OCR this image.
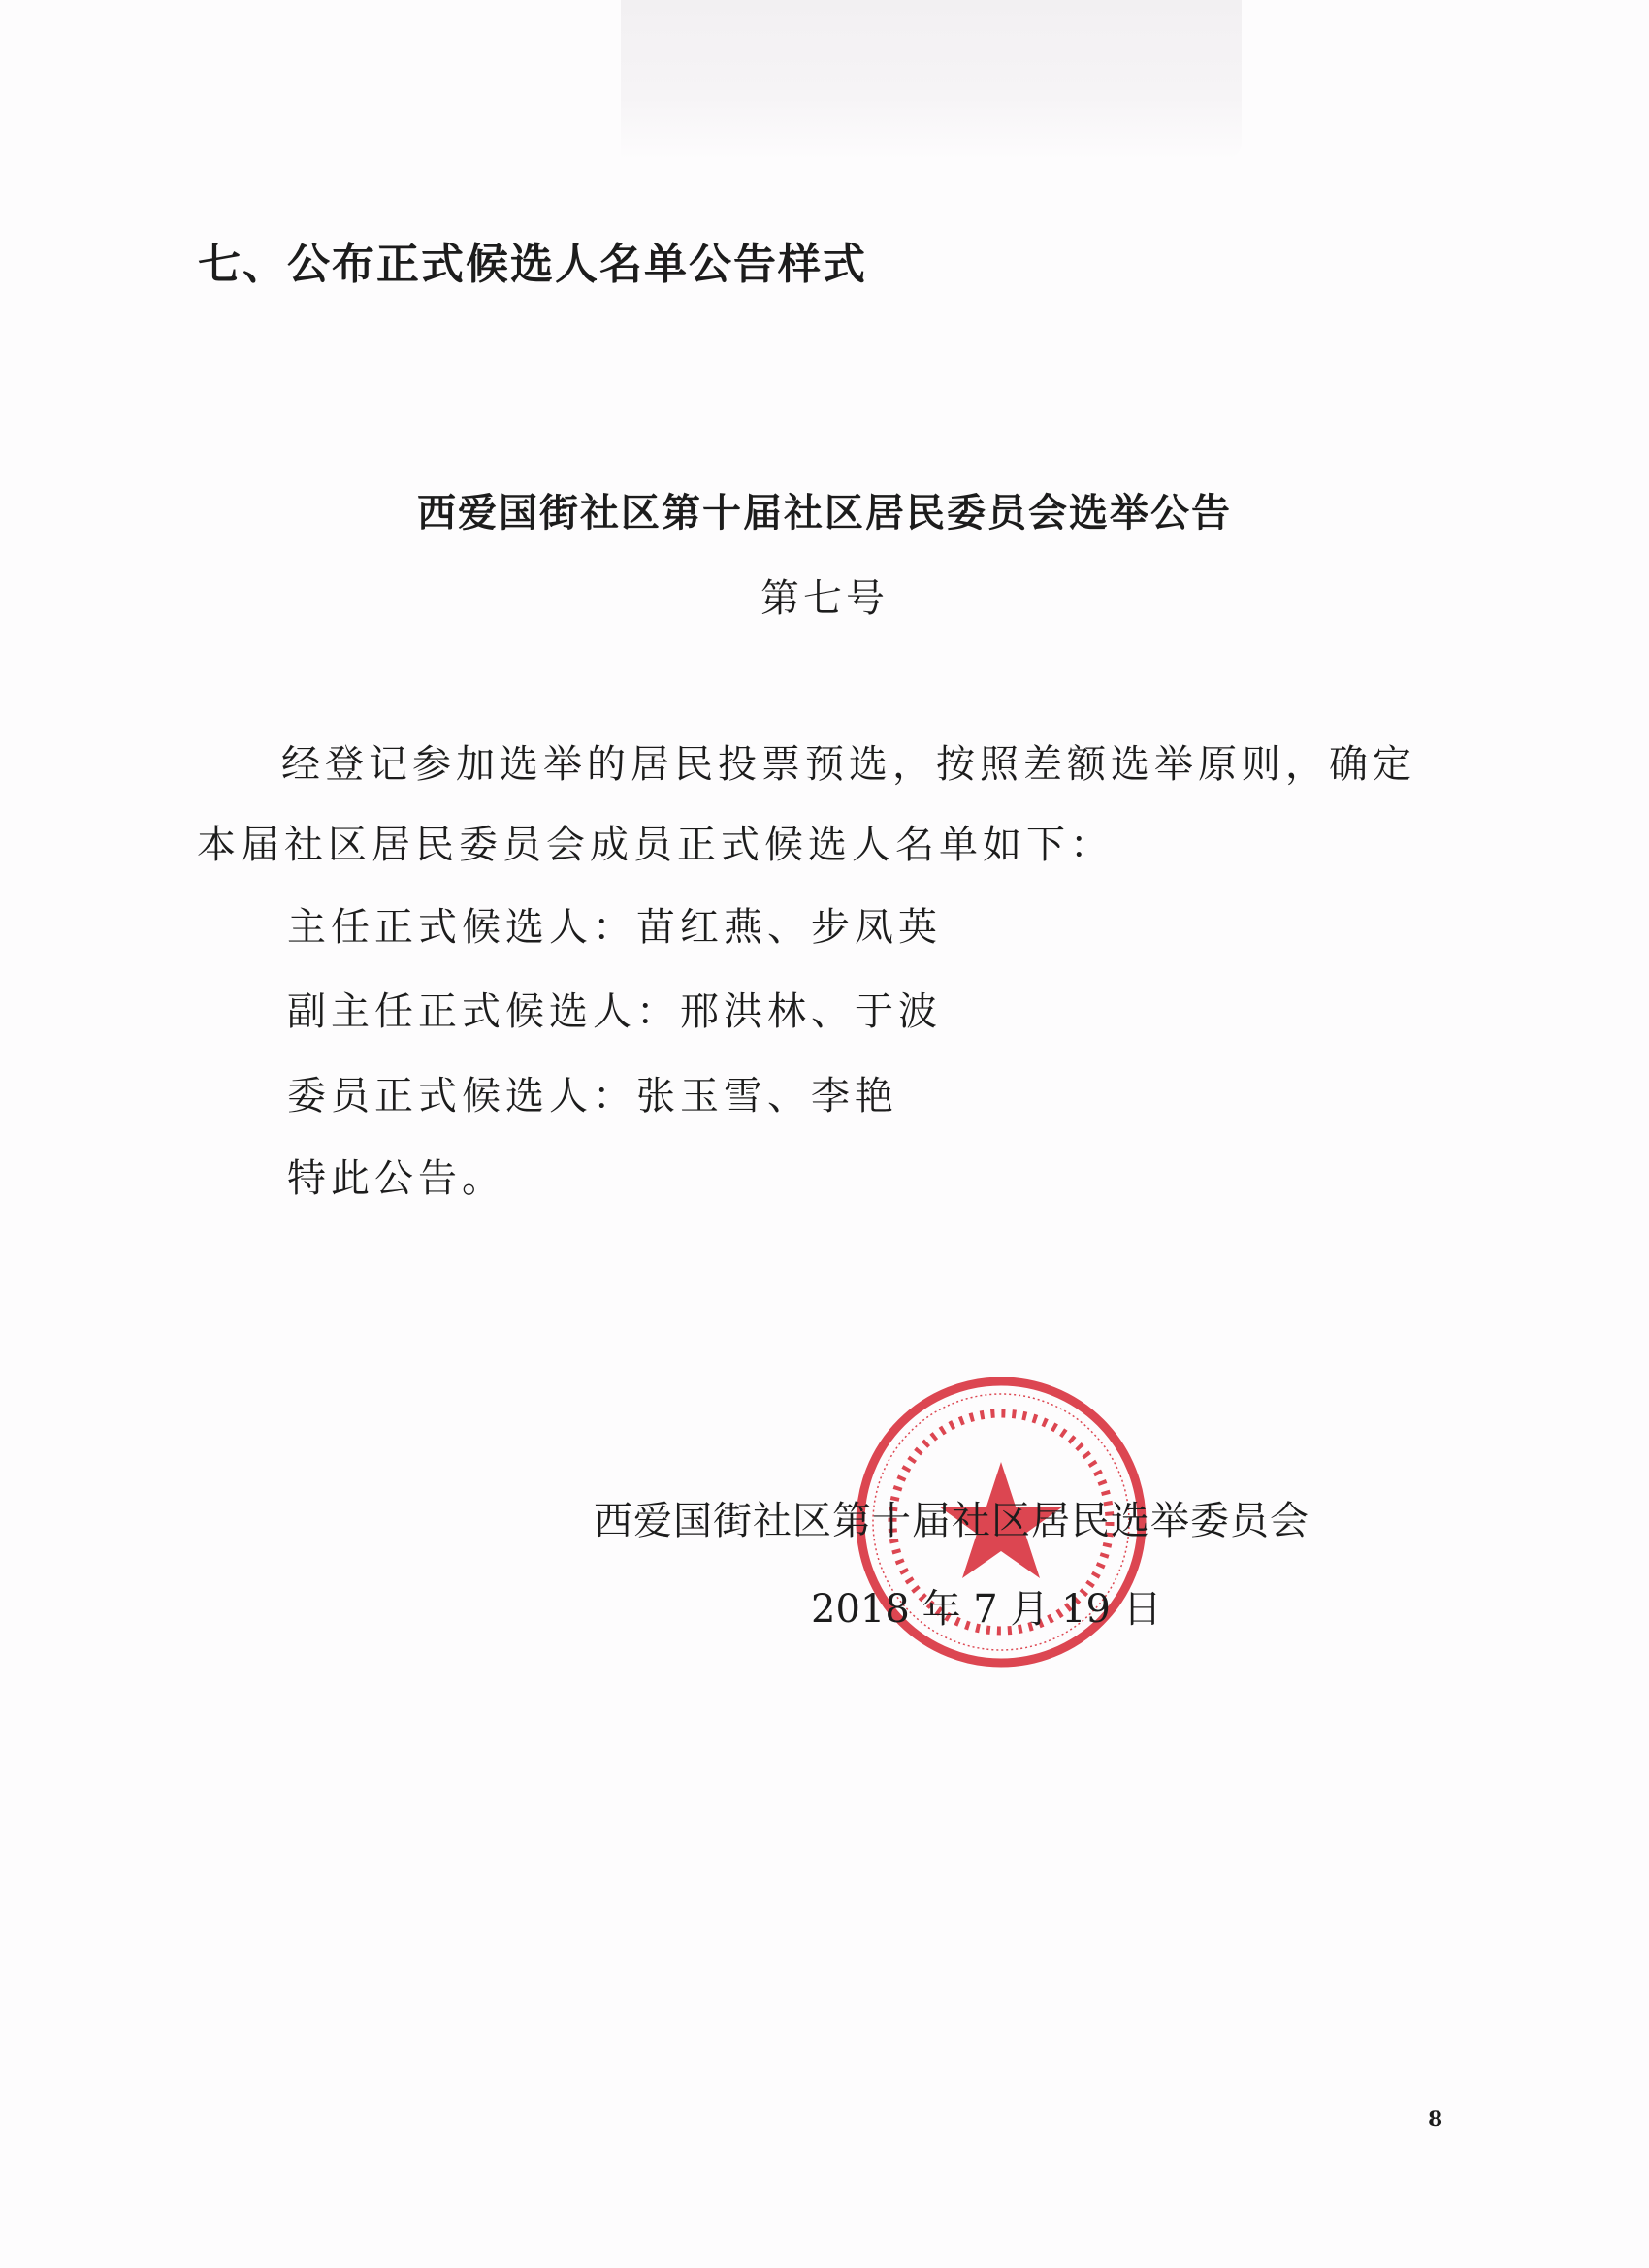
七、公布正式候选人名单公告样式
西爱国街社区第十届社区居民委员会选举公告
第七号
经登记参加选举的居民投票预选，按照差额选举原则，确定
本届社区居民委员会成员正式候选人名单如下：
主任正式候选人：苗红燕、步凤英
副主任正式候选人：邢洪林、于波
委员正式候选人：张玉雪、李艳
特此公告。
西爱国街社区第十届社区居民选举委员会
2018 年 7 月 19 日
8
